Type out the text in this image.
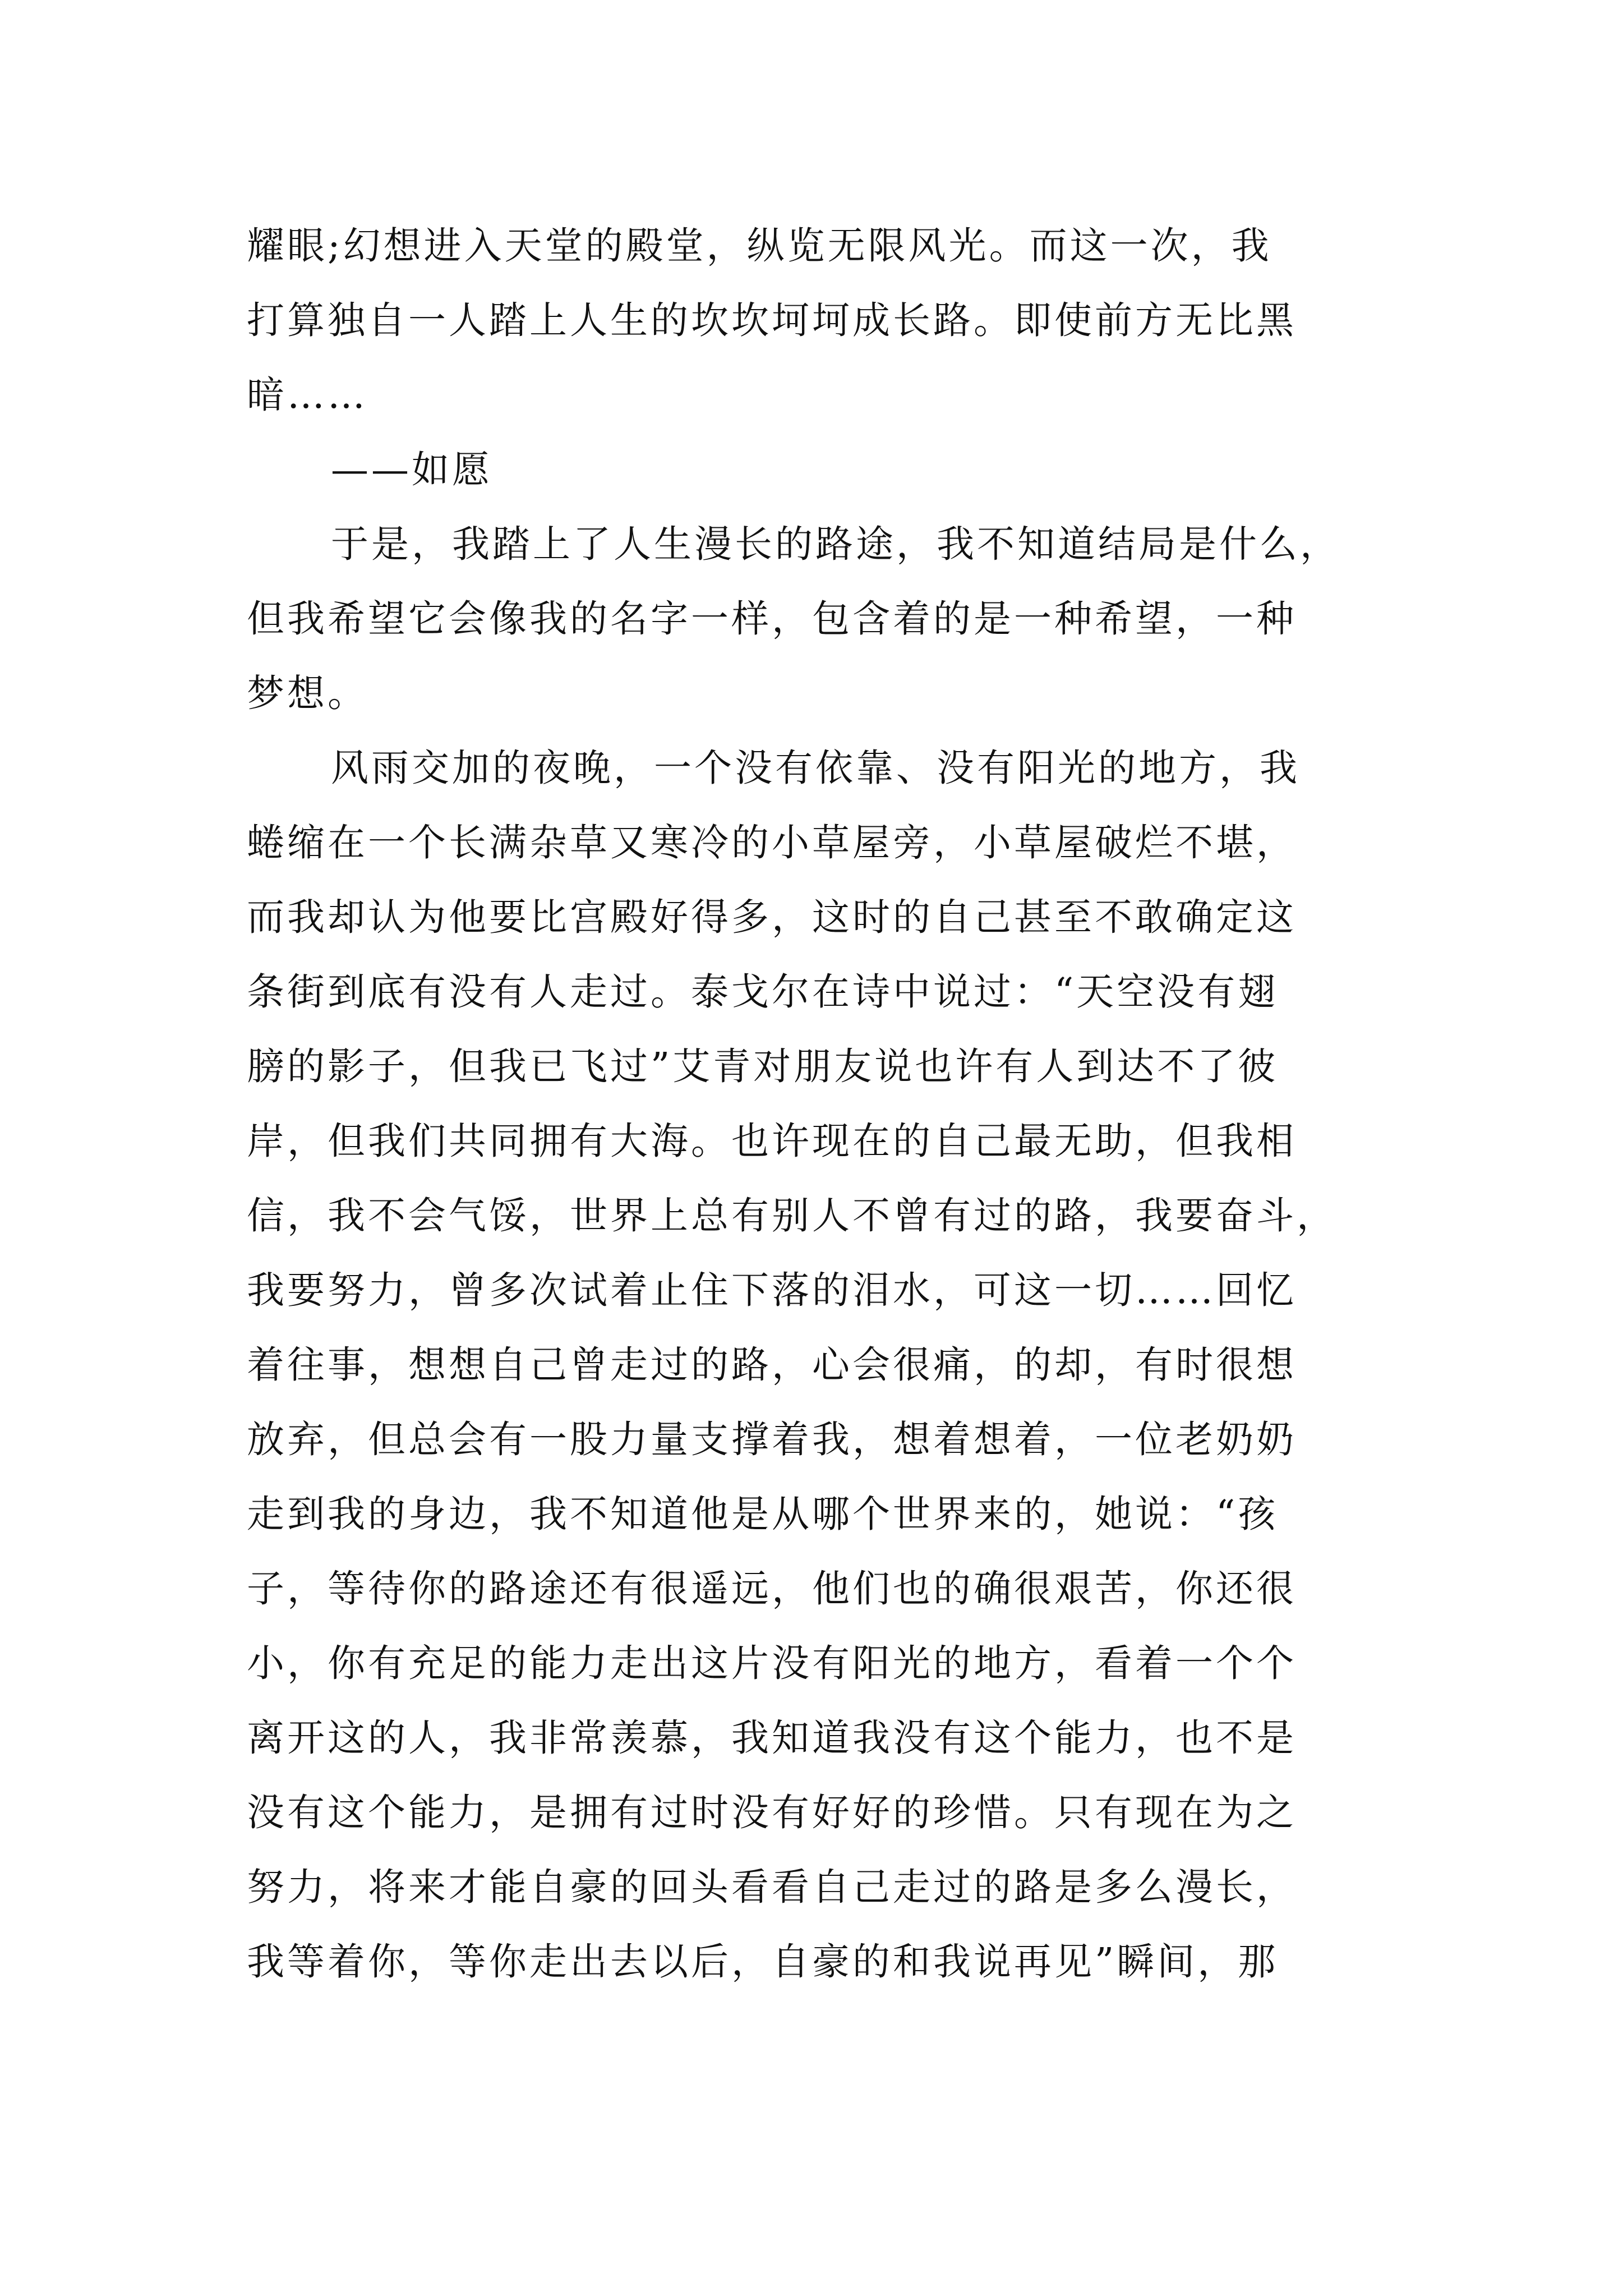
耀眼;幻想进入天堂的殿堂，纵览无限风光。而这一次，我
打算独自一人踏上人生的坎坎坷坷成长路。即使前方无比黑
暗……
——如愿
于是，我踏上了人生漫长的路途，我不知道结局是什么，
但我希望它会像我的名字一样，包含着的是一种希望，一种
梦想。
风雨交加的夜晚，一个没有依靠、没有阳光的地方，我
蜷缩在一个长满杂草又寒冷的小草屋旁，小草屋破烂不堪，
而我却认为他要比宫殿好得多，这时的自己甚至不敢确定这
条街到底有没有人走过。泰戈尔在诗中说过：“天空没有翅
膀的影子，但我已飞过”艾青对朋友说也许有人到达不了彼
岸，但我们共同拥有大海。也许现在的自己最无助，但我相
信，我不会气馁，世界上总有别人不曾有过的路，我要奋斗，
我要努力，曾多次试着止住下落的泪水，可这一切……回忆
着往事，想想自己曾走过的路，心会很痛，的却，有时很想
放弃，但总会有一股力量支撑着我，想着想着，一位老奶奶
走到我的身边，我不知道他是从哪个世界来的，她说：“孩
子，等待你的路途还有很遥远，他们也的确很艰苦，你还很
小，你有充足的能力走出这片没有阳光的地方，看着一个个
离开这的人，我非常羡慕，我知道我没有这个能力，也不是
没有这个能力，是拥有过时没有好好的珍惜。只有现在为之
努力，将来才能自豪的回头看看自己走过的路是多么漫长，
我等着你，等你走出去以后，自豪的和我说再见”瞬间，那
